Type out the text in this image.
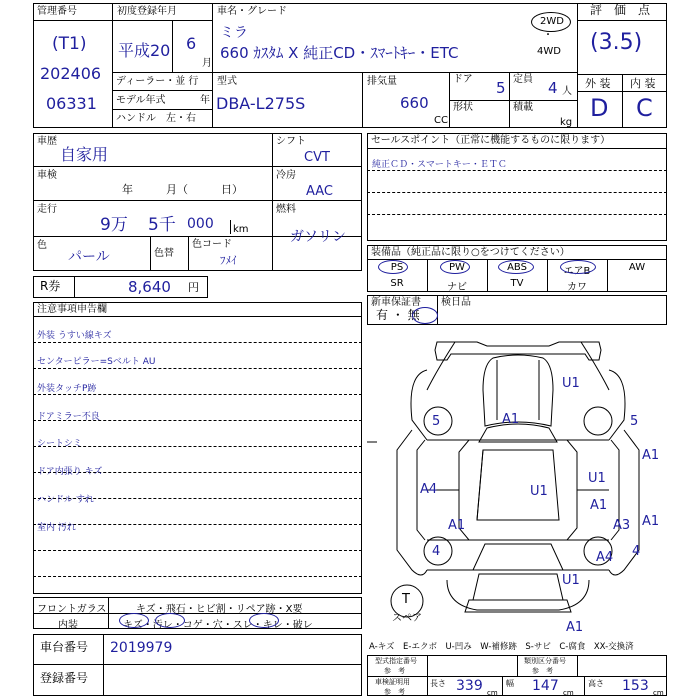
管理番号
(T1)
202406
06331
初度登録年月
平成20 6
月
ディーラー・並 行
モデル年式	年
ハンドル　左・右
車名・グレード
ミラ
660 ｶｽﾀﾑ X 純正CD・ｽﾏｰﾄｷｰ・ETC
2WD
・
4WD
型式
DBA-L275S
排気量
660
CC
ドア 5 定員 4 人
形状	積載
kg
評　価　点
(3.5)
外 装 内 装
D C
車歴
自家用
車検
年　　　月（　　　日）
走行
9万 5千 000 km
色
パール	色替
色コード
ﾌﾒｲ
シフト
CVT
冷房
AAC
燃料
ガソリン
R券	8,640 円
注意事項申告欄
外装 うすい線キズ
センターピラー=Sベルト AU
外装タッチP跡
ドアミラー不良
シートシミ
ドア内張り キズ
ハンドル すれ
室内 汚れ
セールスポイント（正常に機能するものに限ります）
純正ＣＤ・スマートキー・ＥＴＣ
装備品（純正品に限り○をつけてください）
PS	PW	ABS	エアB	AW
SR	ナビ	TV	カワ
新車保証書
有 ・ 無
検日品
U1
5	A1	5
A1
A4	U1
U1
A1
A1	A3 A1
4	A4 4
U1
A1
T
スペア
フロントガラス	キズ・飛石・ヒビ割・リペア跡・X要
内装	キズ・汚レ・コゲ・穴・スレ・キレ・破レ
車台番号 2019979
登録番号
A-キズ　E-エクボ　U-凹み　W-補修跡　S-サビ　C-腐食　XX-交換済
型式指定番号
参　考
類別区分番号
参　考
車検証明用
参　考
長さ 339 cm
幅 147 cm
高さ 153 cm
